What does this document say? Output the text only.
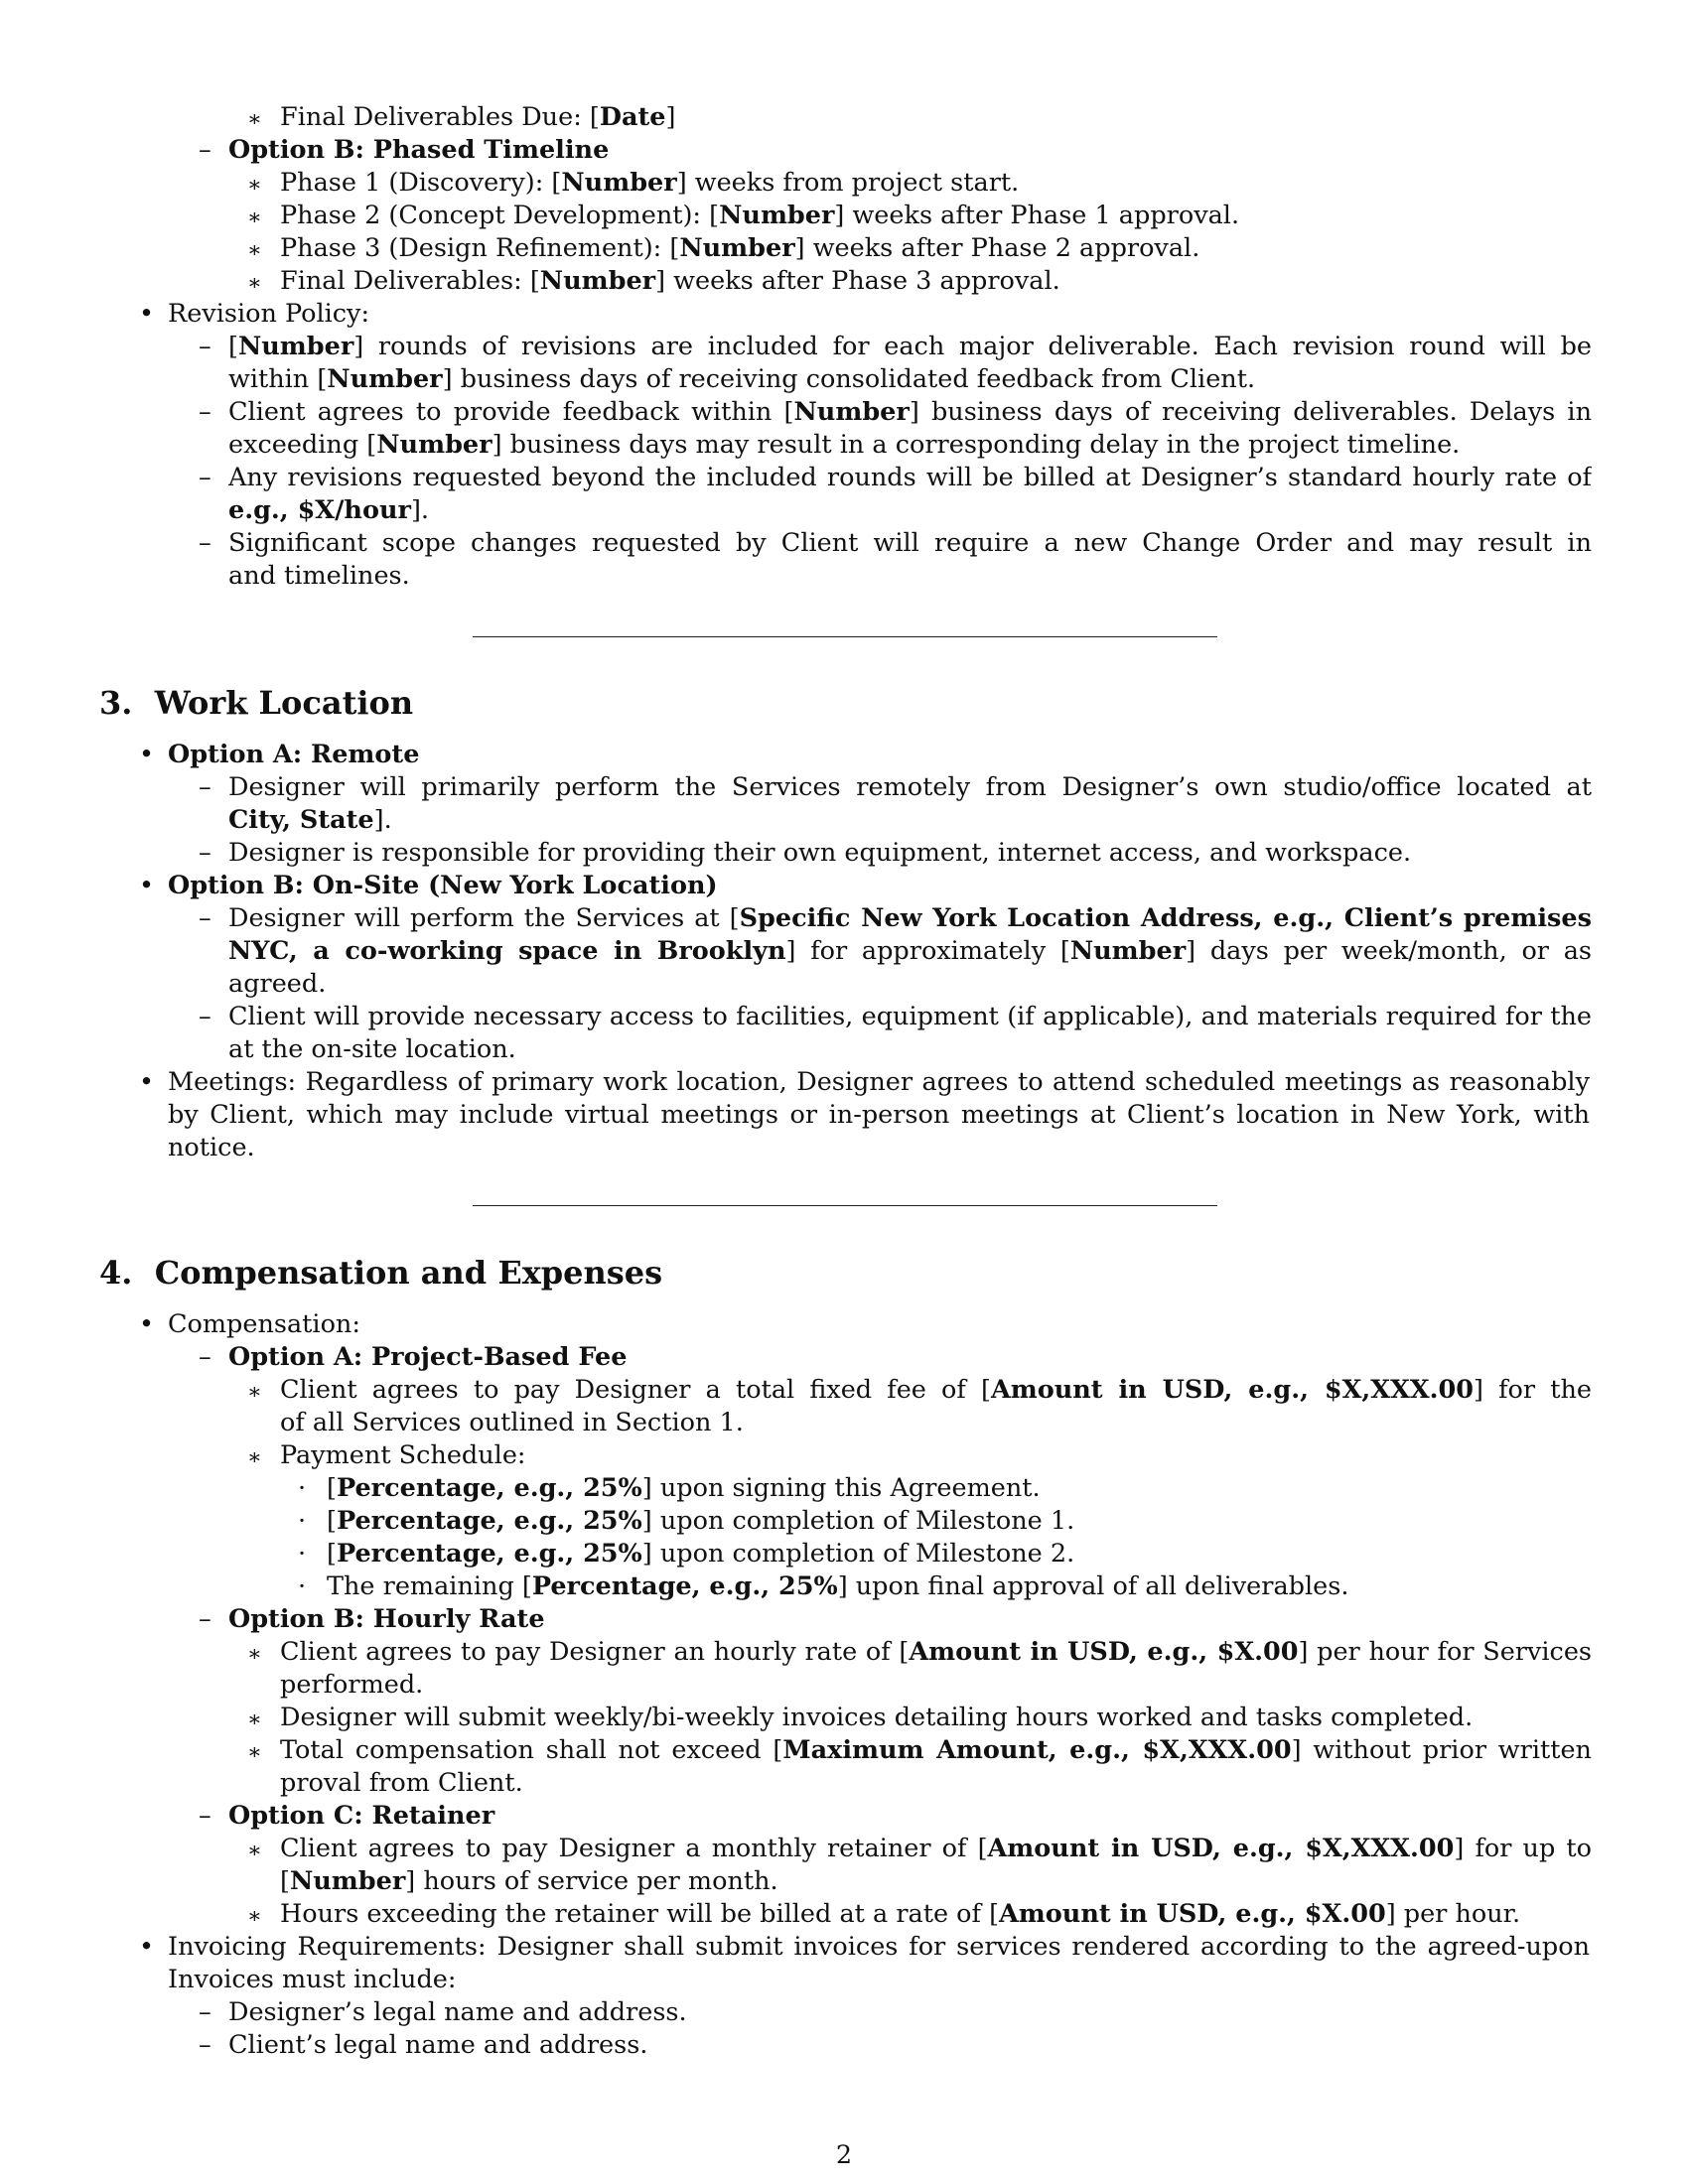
∗ Final Deliverables Due: [Date]
– Option B: Phased Timeline
∗ Phase 1 (Discovery): [Number] weeks from project start.
∗ Phase 2 (Concept Development): [Number] weeks after Phase 1 approval.
∗ Phase 3 (Design Refinement): [Number] weeks after Phase 2 approval.
∗ Final Deliverables: [Number] weeks after Phase 3 approval.
• Revision Policy:
– [Number] rounds of revisions are included for each major deliverable. Each revision round will be
within [Number] business days of receiving consolidated feedback from Client.
– Client agrees to provide feedback within [Number] business days of receiving deliverables. Delays in
exceeding [Number] business days may result in a corresponding delay in the project timeline.
– Any revisions requested beyond the included rounds will be billed at Designer’s standard hourly rate of
e.g., $X/hour].
– Significant scope changes requested by Client will require a new Change Order and may result in
and timelines.
3. Work Location
• Option A: Remote
– Designer will primarily perform the Services remotely from Designer’s own studio/office located at
City, State].
– Designer is responsible for providing their own equipment, internet access, and workspace.
• Option B: On-Site (New York Location)
– Designer will perform the Services at [Specific New York Location Address, e.g., Client’s premises
NYC, a co-working space in Brooklyn] for approximately [Number] days per week/month, or as
agreed.
– Client will provide necessary access to facilities, equipment (if applicable), and materials required for the
at the on-site location.
• Meetings: Regardless of primary work location, Designer agrees to attend scheduled meetings as reasonably
by Client, which may include virtual meetings or in-person meetings at Client’s location in New York, with
notice.
4. Compensation and Expenses
• Compensation:
– Option A: Project-Based Fee
∗ Client agrees to pay Designer a total fixed fee of [Amount in USD, e.g., $X,XXX.00] for the
of all Services outlined in Section 1.
∗ Payment Schedule:
· [Percentage, e.g., 25%] upon signing this Agreement.
· [Percentage, e.g., 25%] upon completion of Milestone 1.
· [Percentage, e.g., 25%] upon completion of Milestone 2.
· The remaining [Percentage, e.g., 25%] upon final approval of all deliverables.
– Option B: Hourly Rate
∗ Client agrees to pay Designer an hourly rate of [Amount in USD, e.g., $X.00] per hour for Services
performed.
∗ Designer will submit weekly/bi-weekly invoices detailing hours worked and tasks completed.
∗ Total compensation shall not exceed [Maximum Amount, e.g., $X,XXX.00] without prior written
proval from Client.
– Option C: Retainer
∗ Client agrees to pay Designer a monthly retainer of [Amount in USD, e.g., $X,XXX.00] for up to
[Number] hours of service per month.
∗ Hours exceeding the retainer will be billed at a rate of [Amount in USD, e.g., $X.00] per hour.
• Invoicing Requirements: Designer shall submit invoices for services rendered according to the agreed-upon
Invoices must include:
– Designer’s legal name and address.
– Client’s legal name and address.
2
